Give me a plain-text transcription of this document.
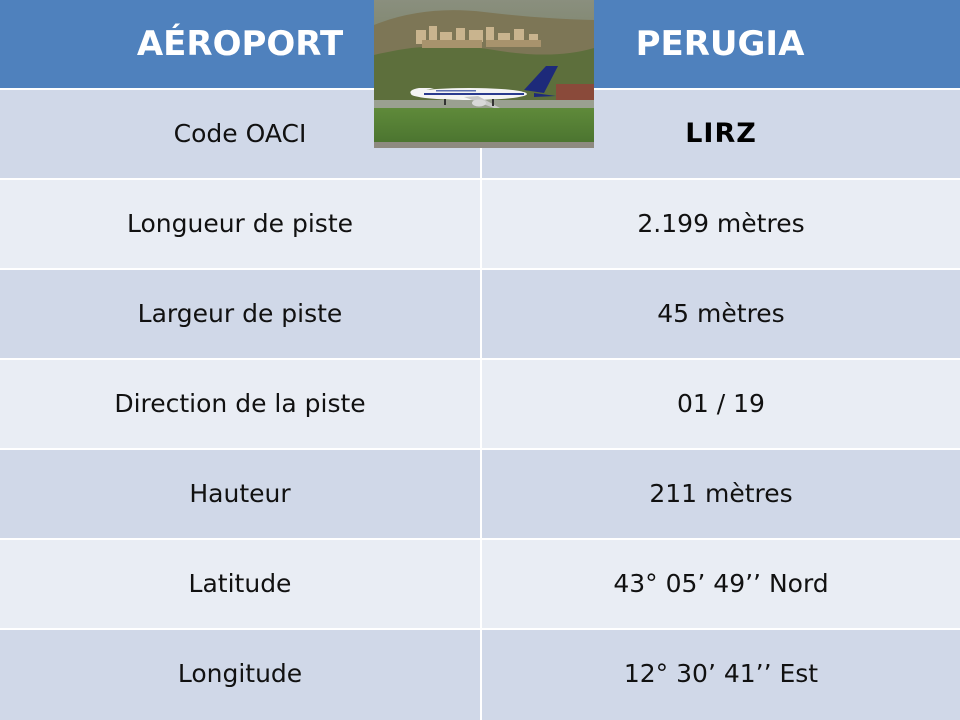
AÉROPORT	PERUGIA
Code OACI	LIRZ
Longueur de piste	2.199 mètres
Largeur de piste	45 mètres
Direction de la piste	01 / 19
Hauteur	211 mètres
Latitude	43° 05’ 49’’ Nord
Longitude	12° 30’ 41’’ Est
